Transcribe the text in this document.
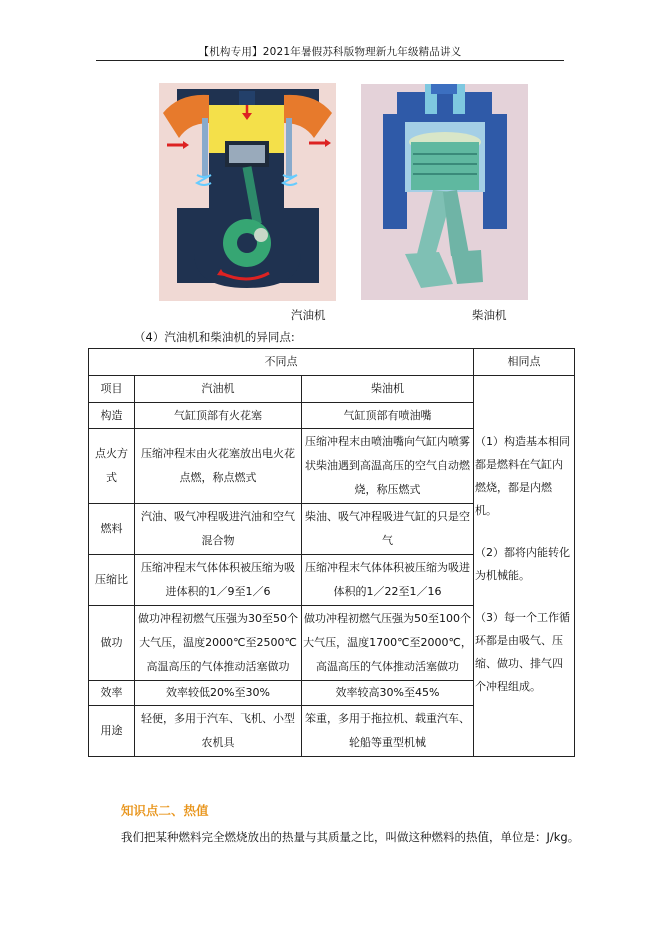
【机构专用】2021年暑假苏科版物理新九年级精品讲义
汽油机	柴油机
（4）汽油机和柴油机的异同点:
不同点			相同点
项目	汽油机	柴油机	（1）构造基本相同都是燃料在气缸内燃烧，都是内燃机。

（2）都将内能转化为机械能。

（3）每一个工作循环都是由吸气、压缩、做功、排气四个冲程组成。

构造	气缸顶部有火花塞	气缸顶部有喷油嘴	
点火方式	压缩冲程末由火花塞放出电火花点燃，称点燃式	压缩冲程末由喷油嘴向气缸内喷雾状柴油遇到高温高压的空气自动燃烧，称压燃式	
燃料	汽油、吸气冲程吸进汽油和空气混合物	柴油、吸气冲程吸进气缸的只是空气	
压缩比	压缩冲程末气体体积被压缩为吸进体积的1／9至1／6	压缩冲程末气体体积被压缩为吸进体积的1／22至1／16	
做功	做功冲程初燃气压强为30至50个大气压，温度2000℃至2500℃高温高压的气体推动活塞做功	做功冲程初燃气压强为50至100个大气压，温度1700℃至2000℃，高温高压的气体推动活塞做功	
效率	效率较低20%至30%	效率较高30%至45%	
用途	轻便，多用于汽车、飞机、小型农机具	笨重，多用于拖拉机、载重汽车、轮船等重型机械	
知识点二、热值
我们把某种燃料完全燃烧放出的热量与其质量之比，叫做这种燃料的热值，单位是：J/kg。
